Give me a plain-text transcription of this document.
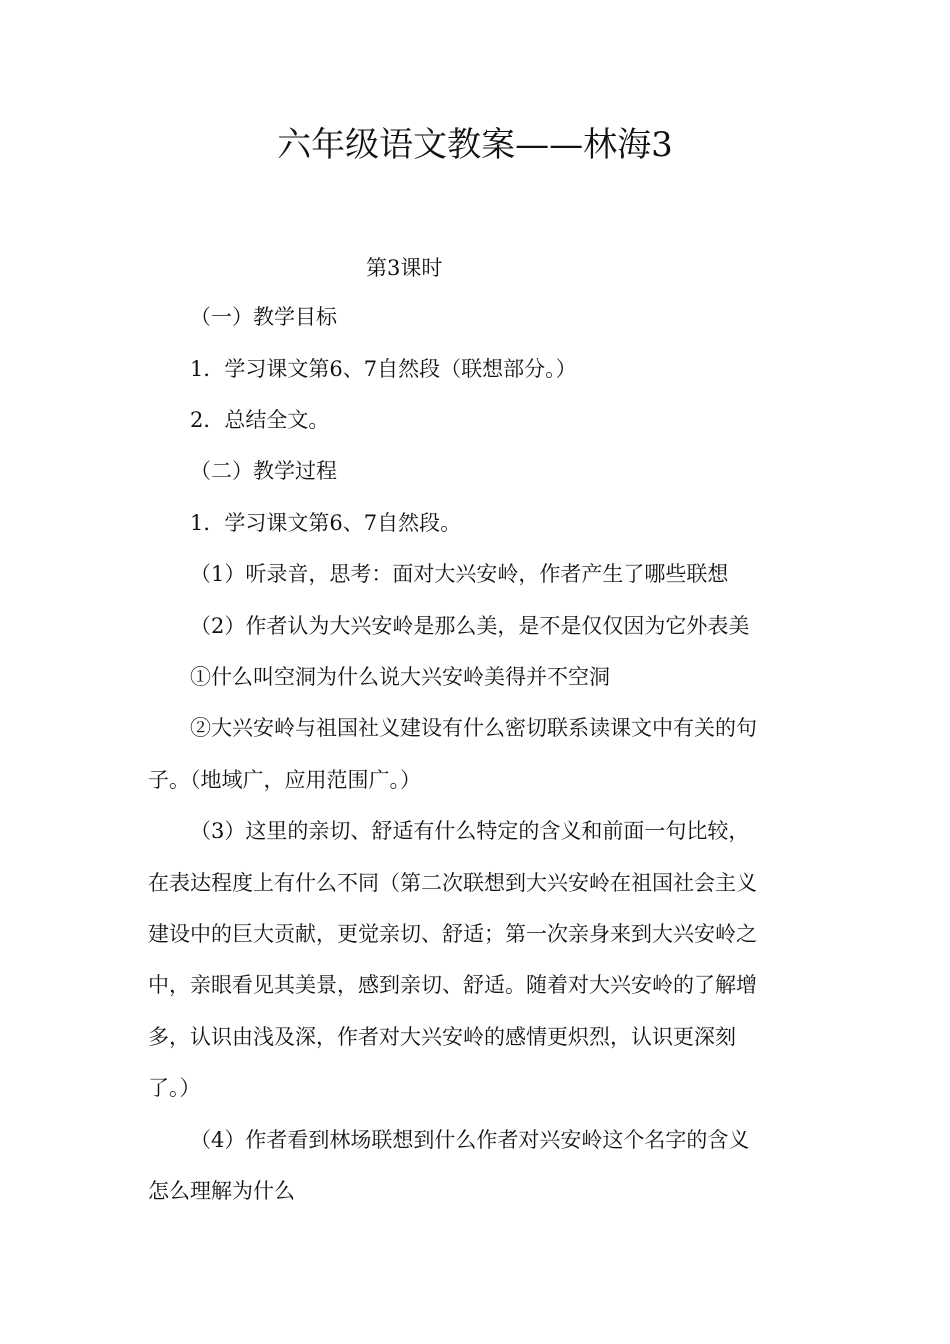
六年级语文教案——林海3
第3课时
（一）教学目标
1．学习课文第6、7自然段（联想部分。）
2．总结全文。
（二）教学过程
1．学习课文第6、7自然段。
（1）听录音，思考：面对大兴安岭，作者产生了哪些联想
（2）作者认为大兴安岭是那么美，是不是仅仅因为它外表美
①什么叫空洞为什么说大兴安岭美得并不空洞
②大兴安岭与祖国社义建设有什么密切联系读课文中有关的句
子。（地域广，应用范围广。）
（3）这里的亲切、舒适有什么特定的含义和前面一句比较，
在表达程度上有什么不同（第二次联想到大兴安岭在祖国社会主义
建设中的巨大贡献，更觉亲切、舒适；第一次亲身来到大兴安岭之
中，亲眼看见其美景，感到亲切、舒适。随着对大兴安岭的了解增
多，认识由浅及深，作者对大兴安岭的感情更炽烈，认识更深刻
了。）
（4）作者看到林场联想到什么作者对兴安岭这个名字的含义
怎么理解为什么
